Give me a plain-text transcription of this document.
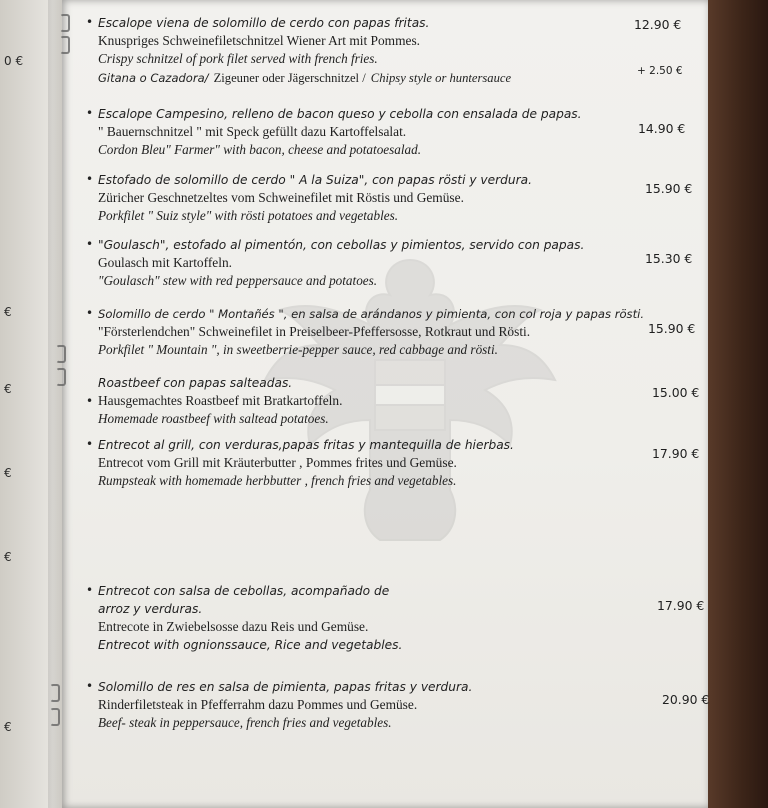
0 €
€
€
€
€
€
• Escalope viena de solomillo de cerdo con papas fritas.
Knuspriges Schweinefiletschnitzel Wiener Art mit Pommes.
Crispy schnitzel of pork filet served with french fries.
Gitana o Cazadora/ Zigeuner oder Jägerschnitzel / Chipsy style or huntersauce
12.90 €
+ 2.50 €
• Escalope Campesino, relleno de bacon queso y cebolla con ensalada de papas.
" Bauernschnitzel " mit Speck gefüllt dazu Kartoffelsalat.
Cordon Bleu" Farmer" with bacon, cheese and potatoesalad.
14.90 €
• Estofado de solomillo de cerdo " A la Suiza", con papas rösti y verdura.
Züricher Geschnetzeltes vom Schweinefilet mit Röstis und Gemüse.
Porkfilet " Suiz style" with rösti potatoes and vegetables.
15.90 €
• "Goulasch", estofado al pimentón, con cebollas y pimientos, servido con papas.
Goulasch mit Kartoffeln.
"Goulasch" stew with red peppersauce and potatoes.
15.30 €
• Solomillo de cerdo " Montañés ", en salsa de arándanos y pimienta, con col roja y papas rösti.
"Försterlendchen" Schweinefilet in Preiselbeer-Pfeffersosse, Rotkraut und Rösti.
Porkfilet " Mountain ", in sweetberrie-pepper sauce, red cabbage and rösti.
15.90 €
•
Roastbeef con papas salteadas.
Hausgemachtes Roastbeef mit Bratkartoffeln.
Homemade roastbeef with saltead potatoes.
15.00 €
• Entrecot al grill, con verduras,papas fritas y mantequilla de hierbas.
Entrecot vom Grill mit Kräuterbutter , Pommes frites und Gemüse.
Rumpsteak with homemade herbbutter , french fries and vegetables.
17.90 €
• Entrecot con salsa de cebollas, acompañado de
arroz y verduras.
Entrecote in Zwiebelsosse dazu Reis und Gemüse.
Entrecot with ognionssauce, Rice and vegetables.
17.90 €
• Solomillo de res en salsa de pimienta, papas fritas y verdura.
Rinderfiletsteak in Pfefferrahm dazu Pommes und Gemüse.
Beef- steak in peppersauce, french fries and vegetables.
20.90 €
